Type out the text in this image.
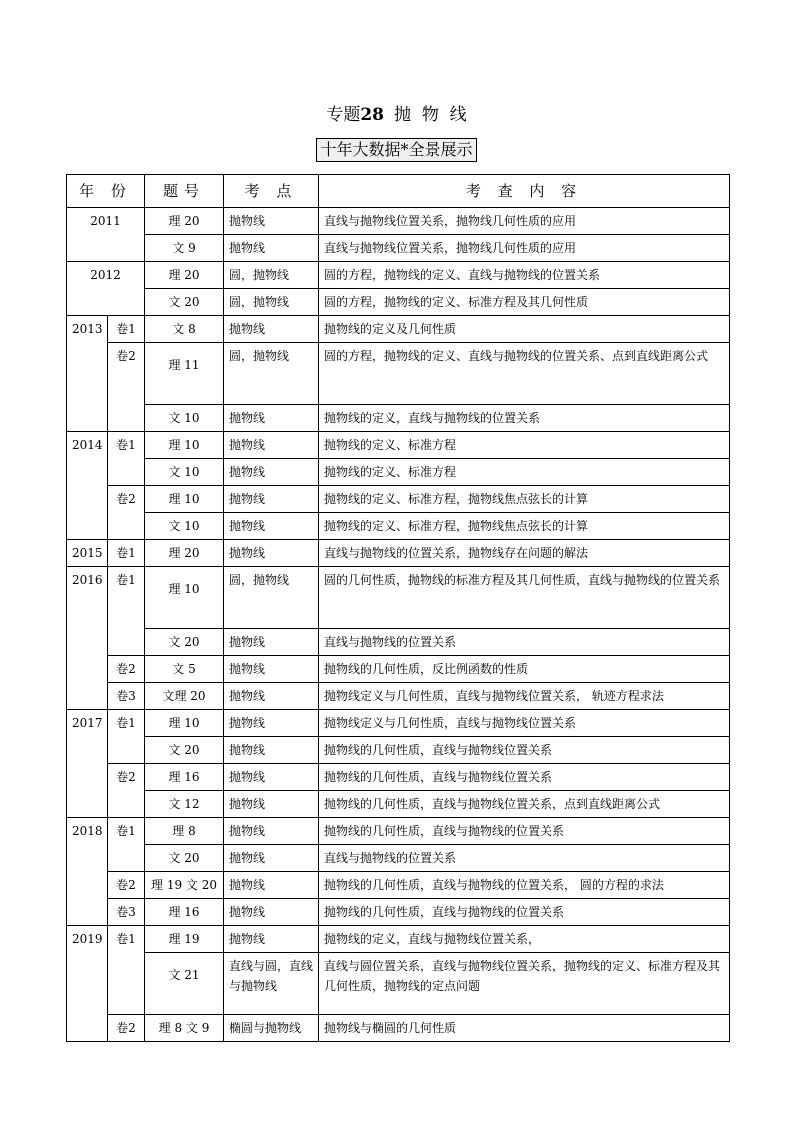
专题28 抛  物  线
十年大数据*全景展示
年 份		题号	考 点	考 查 内 容
2011		理 20	抛物线	直线与抛物线位置关系，抛物线几何性质的应用
		文 9	抛物线	直线与抛物线位置关系，抛物线几何性质的应用
2012		理 20	圆，抛物线	圆的方程，抛物线的定义、直线与抛物线的位置关系
		文 20	圆，抛物线	圆的方程，抛物线的定义、标准方程及其几何性质
2013	卷1	文 8	抛物线	抛物线的定义及几何性质
	卷2	理 11	圆，抛物线	圆的方程，抛物线的定义、直线与抛物线的位置关系、点到直线距离公式
		文 10	抛物线	抛物线的定义，直线与抛物线的位置关系
2014	卷1	理 10	抛物线	抛物线的定义、标准方程
		文 10	抛物线	抛物线的定义、标准方程
	卷2	理 10	抛物线	抛物线的定义、标准方程，抛物线焦点弦长的计算
		文 10	抛物线	抛物线的定义、标准方程，抛物线焦点弦长的计算
2015	卷1	理 20	抛物线	直线与抛物线的位置关系，抛物线存在问题的解法
2016	卷1	理 10	圆，抛物线	圆的几何性质，抛物线的标准方程及其几何性质，直线与抛物线的位置关系
		文 20	抛物线	直线与抛物线的位置关系
	卷2	文 5	抛物线	抛物线的几何性质，反比例函数的性质
	卷3	文理 20	抛物线	抛物线定义与几何性质，直线与抛物线位置关系， 轨迹方程求法
2017	卷1	理 10	抛物线	抛物线定义与几何性质，直线与抛物线位置关系
		文 20	抛物线	抛物线的几何性质，直线与抛物线位置关系
	卷2	理 16	抛物线	抛物线的几何性质，直线与抛物线位置关系
		文 12	抛物线	抛物线的几何性质，直线与抛物线位置关系，点到直线距离公式
2018	卷1	理 8	抛物线	抛物线的几何性质，直线与抛物线的位置关系
		文 20	抛物线	直线与抛物线的位置关系
	卷2	理 19 文 20	抛物线	抛物线的几何性质，直线与抛物线的位置关系， 圆的方程的求法
	卷3	理 16	抛物线	抛物线的几何性质，直线与抛物线的位置关系
2019	卷1	理 19	抛物线	抛物线的定义，直线与抛物线位置关系，
		文 21	直线与圆，直线与抛物线	直线与圆位置关系，直线与抛物线位置关系，抛物线的定义、标准方程及其几何性质，抛物线的定点问题
	卷2	理 8 文 9	椭圆与抛物线	抛物线与椭圆的几何性质
